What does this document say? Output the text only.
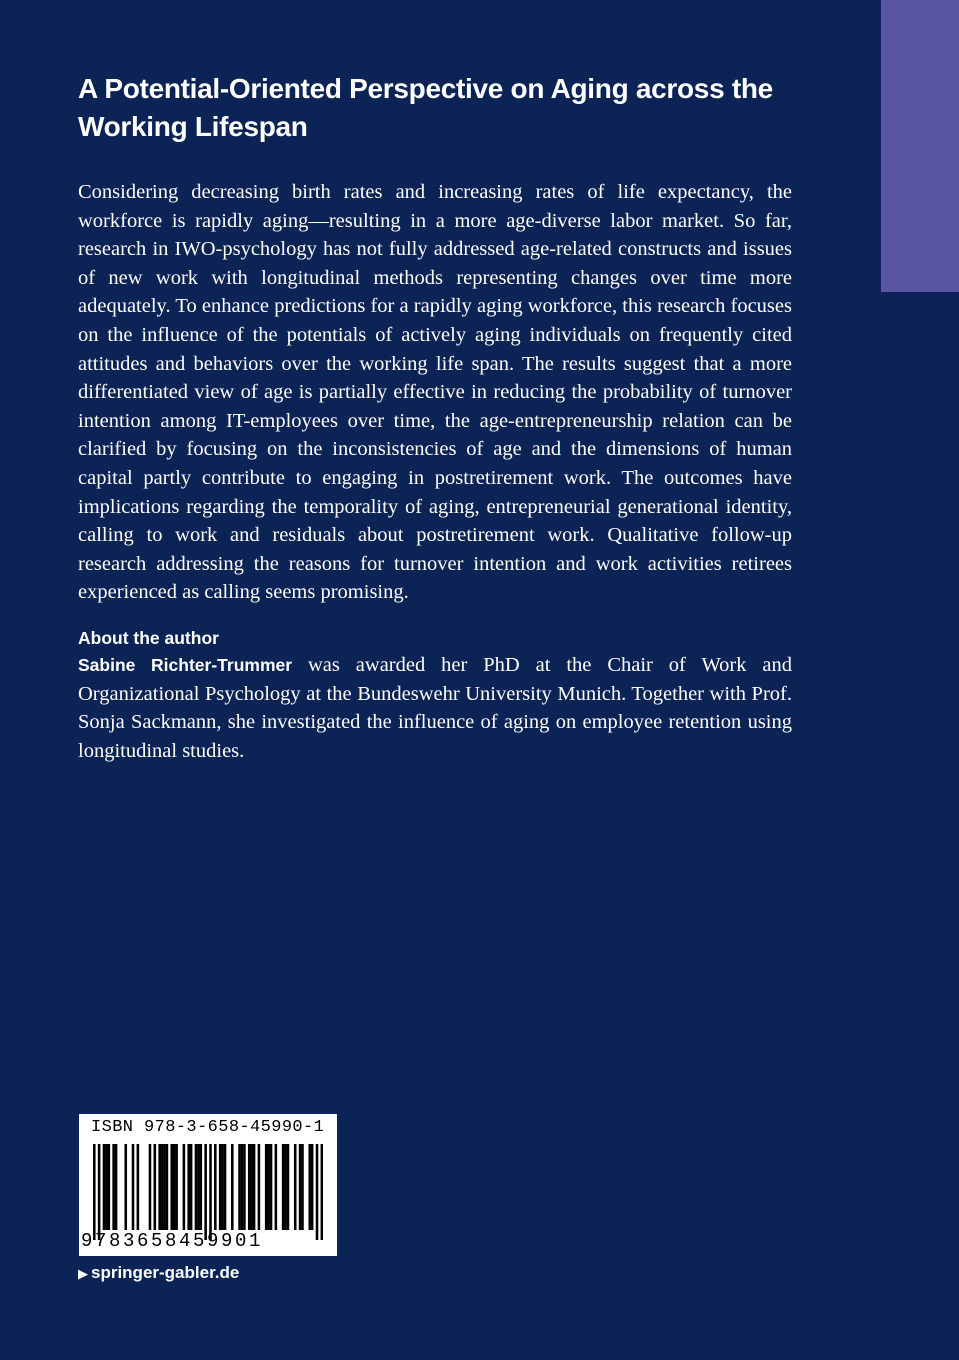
A Potential-Oriented Perspective on Aging across the Working Lifespan

Considering decreasing birth rates and increasing rates of life expectancy, the workforce is rapidly aging—resulting in a more age-diverse labor market. So far, research in IWO-psychology has not fully addressed age-related constructs and issues of new work with longitudinal methods representing changes over time more adequately. To enhance predictions for a rapidly aging workforce, this research focuses on the influence of the potentials of actively aging individuals on frequently cited attitudes and behaviors over the working life span. The results suggest that a more differentiated view of age is partially effective in reducing the probability of turnover intention among IT-employees over time, the age-entrepreneurship relation can be clarified by focusing on the inconsistencies of age and the dimensions of human capital partly contribute to engaging in postretirement work. The outcomes have implications regarding the temporality of aging, entrepreneurial generational identity, calling to work and residuals about postretirement work. Qualitative follow-up research addressing the reasons for turnover intention and work activities retirees experienced as calling seems promising.

About the author

Sabine Richter-Trummer was awarded her PhD at the Chair of Work and Organizational Psychology at the Bundeswehr University Munich. Together with Prof. Sonja Sackmann, she investigated the influence of aging on employee retention using longitudinal studies.

ISBN 978-3-658-45990-1
9783658459901
▶ springer-gabler.de
